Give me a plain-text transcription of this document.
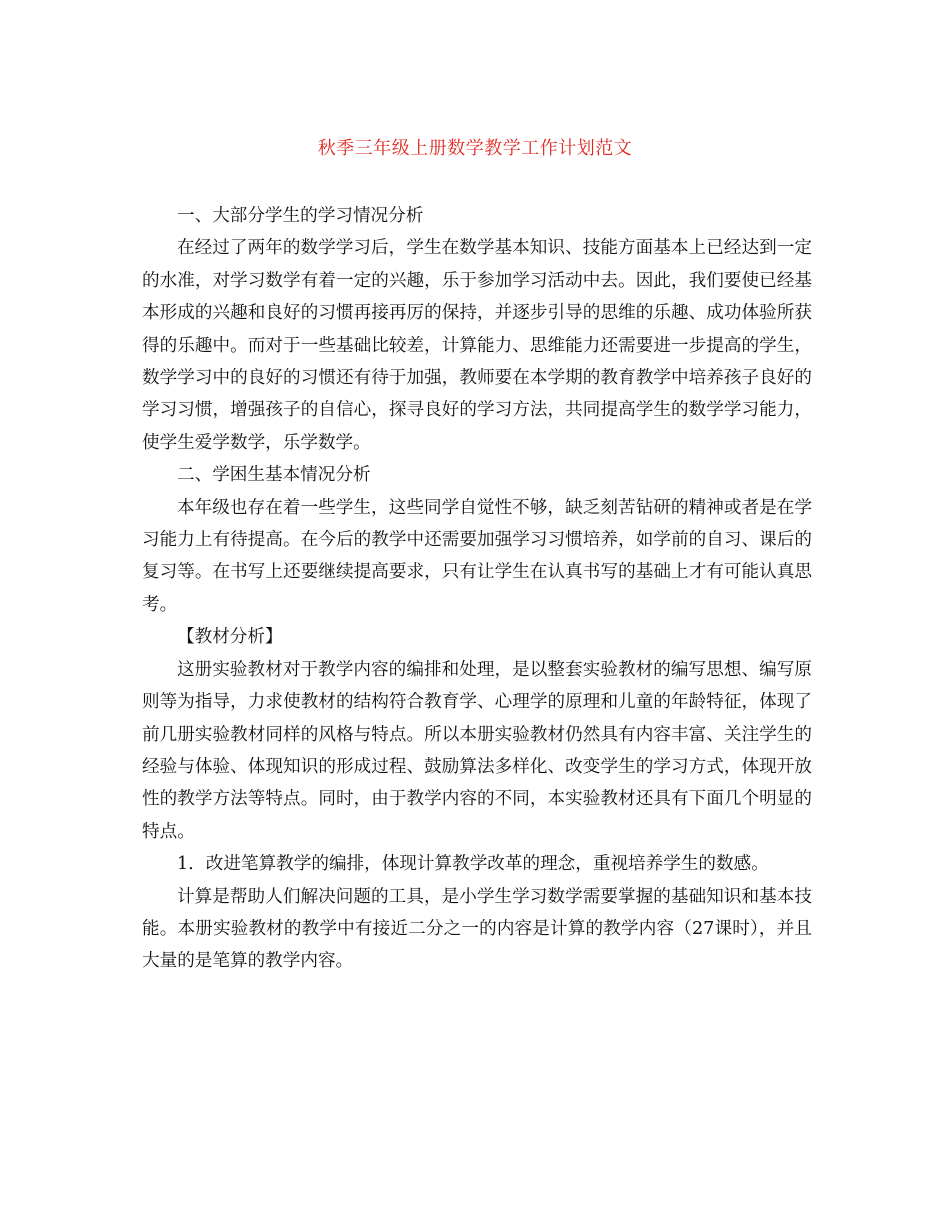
秋季三年级上册数学教学工作计划范文

一、大部分学生的学习情况分析

在经过了两年的数学学习后，学生在数学基本知识、技能方面基本上已经达到一定的水准，对学习数学有着一定的兴趣，乐于参加学习活动中去。因此，我们要使已经基本形成的兴趣和良好的习惯再接再厉的保持，并逐步引导的思维的乐趣、成功体验所获得的乐趣中。而对于一些基础比较差，计算能力、思维能力还需要进一步提高的学生，数学学习中的良好的习惯还有待于加强，教师要在本学期的教育教学中培养孩子良好的学习习惯，增强孩子的自信心，探寻良好的学习方法，共同提高学生的数学学习能力，使学生爱学数学，乐学数学。

二、学困生基本情况分析

本年级也存在着一些学生，这些同学自觉性不够，缺乏刻苦钻研的精神或者是在学习能力上有待提高。在今后的教学中还需要加强学习习惯培养，如学前的自习、课后的复习等。在书写上还要继续提高要求，只有让学生在认真书写的基础上才有可能认真思考。

【教材分析】

这册实验教材对于教学内容的编排和处理，是以整套实验教材的编写思想、编写原则等为指导，力求使教材的结构符合教育学、心理学的原理和儿童的年龄特征，体现了前几册实验教材同样的风格与特点。所以本册实验教材仍然具有内容丰富、关注学生的经验与体验、体现知识的形成过程、鼓励算法多样化、改变学生的学习方式，体现开放性的教学方法等特点。同时，由于教学内容的不同，本实验教材还具有下面几个明显的特点。

1．改进笔算教学的编排，体现计算教学改革的理念，重视培养学生的数感。

计算是帮助人们解决问题的工具，是小学生学习数学需要掌握的基础知识和基本技能。本册实验教材的教学中有接近二分之一的内容是计算的教学内容（27课时），并且大量的是笔算的教学内容。
